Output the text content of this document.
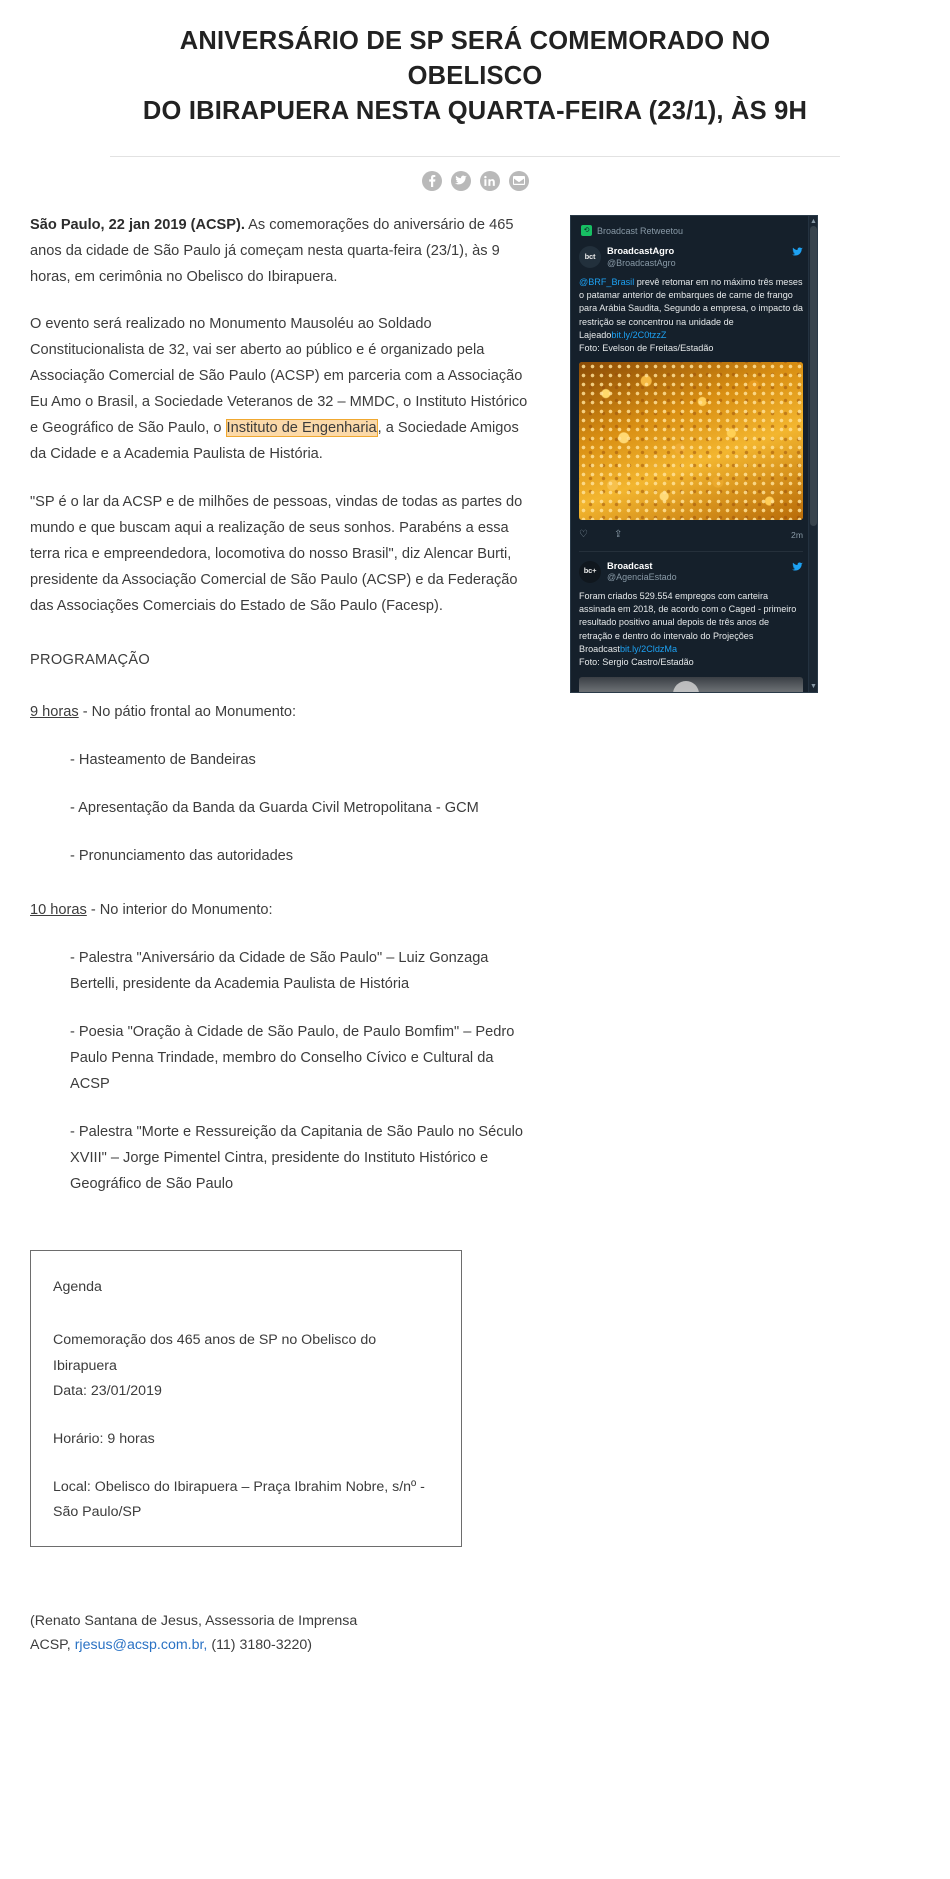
ANIVERSÁRIO DE SP SERÁ COMEMORADO NO OBELISCO
DO IBIRAPUERA NESTA QUARTA-FEIRA (23/1), ÀS 9H

São Paulo, 22 jan 2019 (ACSP). As comemorações do aniversário de 465 anos da cidade de São Paulo já começam nesta quarta-feira (23/1), às 9 horas, em cerimônia no Obelisco do Ibirapuera.

O evento será realizado no Monumento Mausoléu ao Soldado Constitucionalista de 32, vai ser aberto ao público e é organizado pela Associação Comercial de São Paulo (ACSP) em parceria com a Associação Eu Amo o Brasil, a Sociedade Veteranos de 32 – MMDC, o Instituto Histórico e Geográfico de São Paulo, o Instituto de Engenharia, a Sociedade Amigos da Cidade e a Academia Paulista de História.

"SP é o lar da ACSP e de milhões de pessoas, vindas de todas as partes do mundo e que buscam aqui a realização de seus sonhos. Parabéns a essa terra rica e empreendedora, locomotiva do nosso Brasil", diz Alencar Burti, presidente da Associação Comercial de São Paulo (ACSP) e da Federação das Associações Comerciais do Estado de São Paulo (Facesp).

PROGRAMAÇÃO

9 horas - No pátio frontal ao Monumento:

- Hasteamento de Bandeiras

- Apresentação da Banda da Guarda Civil Metropolitana - GCM

- Pronunciamento das autoridades

10 horas - No interior do Monumento:

- Palestra "Aniversário da Cidade de São Paulo" – Luiz Gonzaga Bertelli, presidente da Academia Paulista de História

- Poesia "Oração à Cidade de São Paulo, de Paulo Bomfim" – Pedro Paulo Penna Trindade, membro do Conselho Cívico e Cultural da ACSP

- Palestra "Morte e Ressureição da Capitania de São Paulo no Século XVIII" – Jorge Pimentel Cintra, presidente do Instituto Histórico e Geográfico de São Paulo

Agenda

Comemoração dos 465 anos de SP no Obelisco do Ibirapuera
Data: 23/01/2019

Horário: 9 horas

Local: Obelisco do Ibirapuera – Praça Ibrahim Nobre, s/nº - São Paulo/SP

⟲ Broadcast Retweetou
bct
BroadcastAgro
@BroadcastAgro
@BRF_Brasil prevê retomar em no máximo três meses o patamar anterior de embarques de carne de frango para Arábia Saudita, Segundo a empresa, o impacto da restrição se concentrou na unidade de Lajeadobit.ly/2C0tzzZ
Foto: Evelson de Freitas/Estadão
♡	⇪	2m
bc+
Broadcast
@AgenciaEstado
Foram criados 529.554 empregos com carteira assinada em 2018, de acordo com o Caged - primeiro resultado positivo anual depois de três anos de retração e dentro do intervalo do Projeções Broadcastbit.ly/2CldzMa
Foto: Sergio Castro/Estadão
▲
▼
(Renato Santana de Jesus, Assessoria de Imprensa
ACSP, rjesus@acsp.com.br, (11) 3180-3220)
